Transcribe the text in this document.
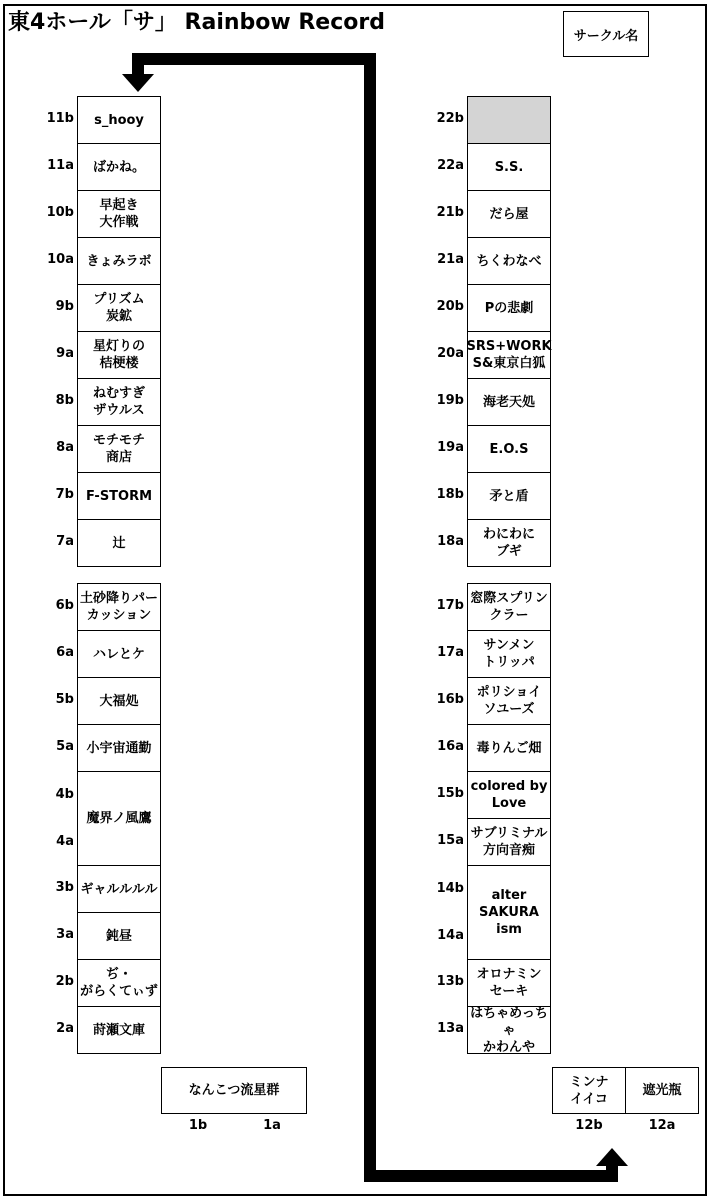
東4ホール「サ」 Rainbow Record
サークル名
s_hooy
11b
ばかね。
11a
早起き
大作戦
10b
きょみラボ
10a
プリズム
炭鉱
9b
星灯りの
桔梗楼
9a
ねむすぎ
ザウルス
8b
モチモチ
商店
8a
F-STORM
7b
辻
7a
土砂降りパー
カッション
6b
ハレとケ
6a
大福処
5b
小宇宙通勤
5a
魔界ノ風鷹
4b
4a
ギャルルルル
3b
鈍昼
3a
ぢ・
がらくてぃず
2b
莳瀬文庫
2a
22b
S.S.
22a
だら屋
21b
ちくわなべ
21a
Pの悲劇
20b
SRS+WORK
S&東京白狐
20a
海老天処
19b
E.O.S
19a
矛と盾
18b
わにわに
ブギ
18a
窓際スプリン
クラー
17b
サンメン
トリッパ
17a
ポリショイ
ソユーズ
16b
毒りんご畑
16a
colored by
Love
15b
サブリミナル
方向音痴
15a
alter
SAKURA
ism
14b
14a
オロナミン
セーキ
13b
はちゃめっちゃ
かわんや
13a
なんこつ流星群
1b	1a
ミンナ
イイコ
遮光瓶
12b	12a
